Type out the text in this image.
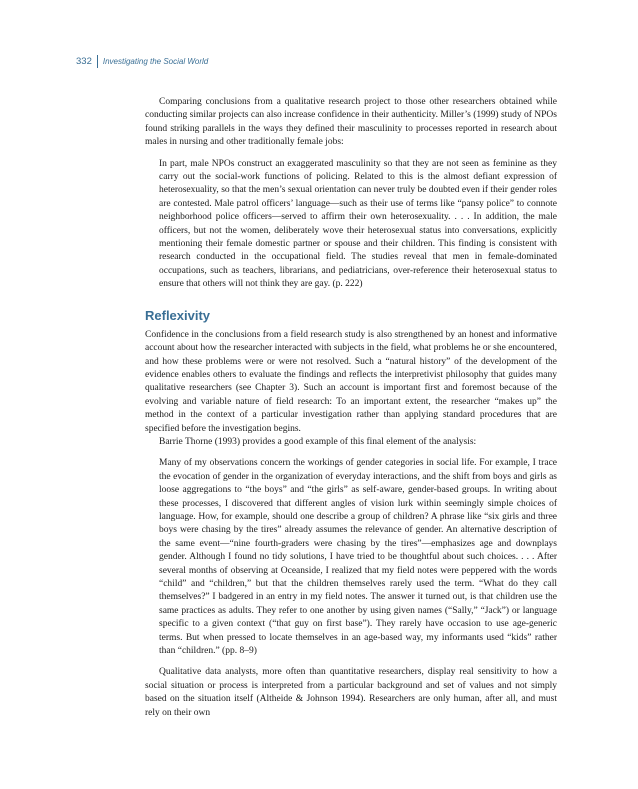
332	Investigating the Social World

Comparing conclusions from a qualitative research project to those other researchers obtained while conducting similar projects can also increase confidence in their authenticity. Miller’s (1999) study of NPOs found striking parallels in the ways they defined their masculinity to processes reported in research about males in nursing and other traditionally female jobs:

In part, male NPOs construct an exaggerated masculinity so that they are not seen as feminine as they carry out the social-work functions of policing. Related to this is the almost defiant expression of heterosexuality, so that the men’s sexual orientation can never truly be doubted even if their gender roles are contested. Male patrol officers’ language—such as their use of terms like “pansy police” to connote neighborhood police officers—served to affirm their own heterosexuality. . . . In addition, the male officers, but not the women, deliberately wove their heterosexual status into conversations, explicitly mentioning their female domestic partner or spouse and their children. This finding is consistent with research conducted in the occupational field. The studies reveal that men in female-dominated occupations, such as teachers, librarians, and pediatricians, over-reference their heterosexual status to ensure that others will not think they are gay. (p. 222)
Reflexivity

Confidence in the conclusions from a field research study is also strengthened by an honest and informative account about how the researcher interacted with subjects in the field, what problems he or she encountered, and how these problems were or were not resolved. Such a “natural history” of the development of the evidence enables others to evaluate the findings and reflects the interpretivist philosophy that guides many qualitative researchers (see Chapter 3). Such an account is important first and foremost because of the evolving and variable nature of field research: To an important extent, the researcher “makes up” the method in the context of a particular investigation rather than applying standard procedures that are specified before the investigation begins.

Barrie Thorne (1993) provides a good example of this final element of the analysis:

Many of my observations concern the workings of gender categories in social life. For example, I trace the evocation of gender in the organization of everyday interactions, and the shift from boys and girls as loose aggregations to “the boys” and “the girls” as self-aware, gender-based groups. In writing about these processes, I discovered that different angles of vision lurk within seemingly simple choices of language. How, for example, should one describe a group of children? A phrase like “six girls and three boys were chasing by the tires” already assumes the relevance of gender. An alternative description of the same event—“nine fourth-graders were chasing by the tires”—emphasizes age and downplays gender. Although I found no tidy solutions, I have tried to be thoughtful about such choices. . . . After several months of observing at Oceanside, I realized that my field notes were peppered with the words “child” and “children,” but that the children themselves rarely used the term. “What do they call themselves?” I badgered in an entry in my field notes. The answer it turned out, is that children use the same practices as adults. They refer to one another by using given names (“Sally,” “Jack”) or language specific to a given context (“that guy on first base”). They rarely have occasion to use age-generic terms. But when pressed to locate themselves in an age-based way, my informants used “kids” rather than “children.” (pp. 8–9)

Qualitative data analysts, more often than quantitative researchers, display real sensitivity to how a social situation or process is interpreted from a particular background and set of values and not simply based on the situation itself (Altheide & Johnson 1994). Researchers are only human, after all, and must rely on their own
